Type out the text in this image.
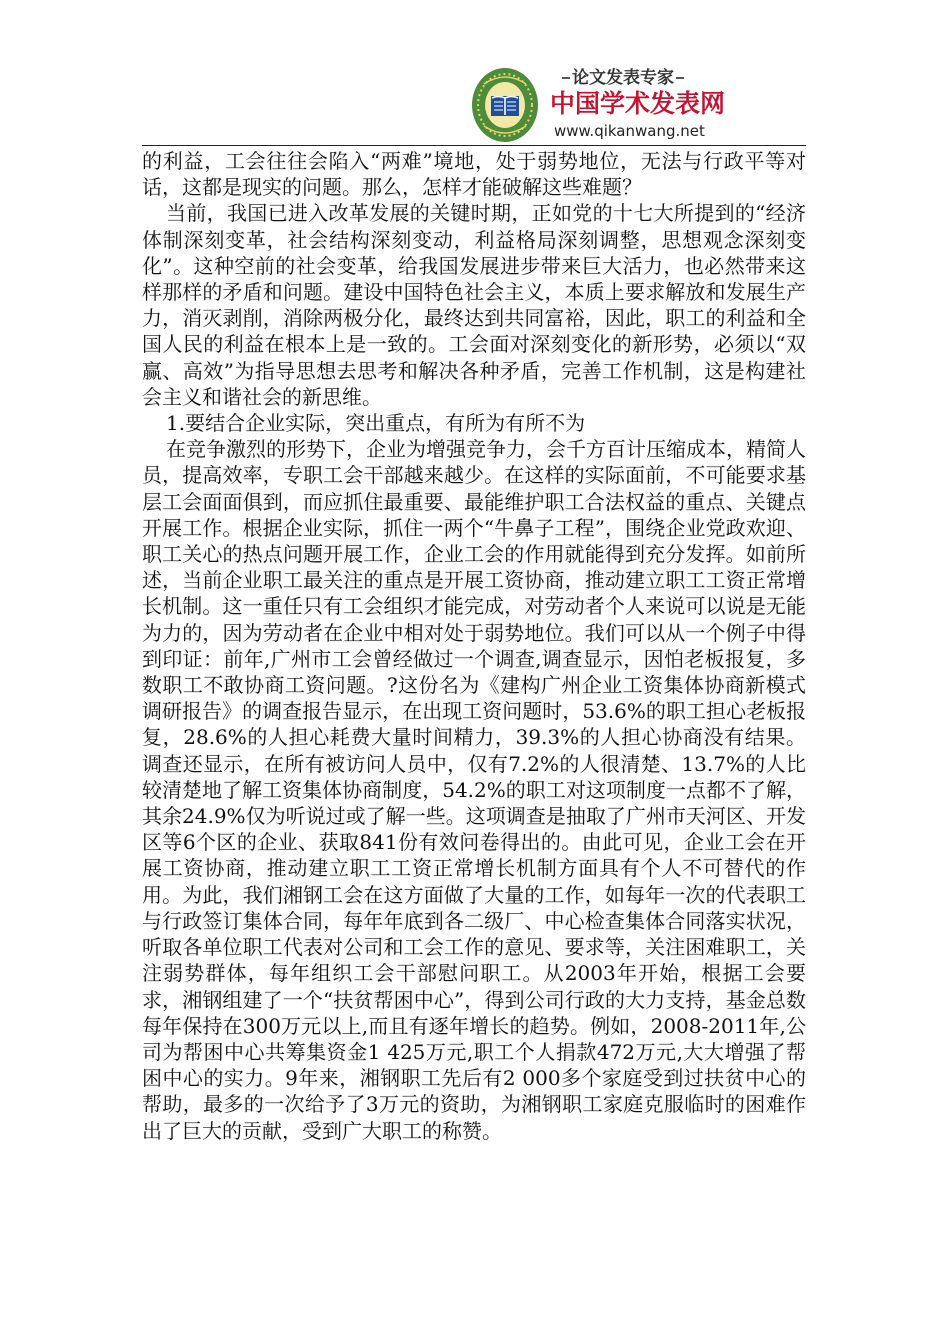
论文发表专家
中国学术发表网
www.qikanwang.net

的利益，工会往往会陷入“两难”境地，处于弱势地位，无法与行政平等对话，这都是现实的问题。那么，怎样才能破解这些难题？

当前，我国已进入改革发展的关键时期，正如党的十七大所提到的“经济体制深刻变革，社会结构深刻变动，利益格局深刻调整，思想观念深刻变化”。这种空前的社会变革，给我国发展进步带来巨大活力，也必然带来这样那样的矛盾和问题。建设中国特色社会主义，本质上要求解放和发展生产力，消灭剥削，消除两极分化，最终达到共同富裕，因此，职工的利益和全国人民的利益在根本上是一致的。工会面对深刻变化的新形势，必须以“双赢、高效”为指导思想去思考和解决各种矛盾，完善工作机制，这是构建社会主义和谐社会的新思维。

1.要结合企业实际，突出重点，有所为有所不为

在竞争激烈的形势下，企业为增强竞争力，会千方百计压缩成本，精简人员，提高效率，专职工会干部越来越少。在这样的实际面前，不可能要求基层工会面面俱到，而应抓住最重要、最能维护职工合法权益的重点、关键点开展工作。根据企业实际，抓住一两个“牛鼻子工程”，围绕企业党政欢迎、职工关心的热点问题开展工作，企业工会的作用就能得到充分发挥。如前所述，当前企业职工最关注的重点是开展工资协商，推动建立职工工资正常增长机制。这一重任只有工会组织才能完成，对劳动者个人来说可以说是无能为力的，因为劳动者在企业中相对处于弱势地位。我们可以从一个例子中得到印证：前年,广州市工会曾经做过一个调查,调查显示，因怕老板报复，多数职工不敢协商工资问题。?这份名为《建构广州企业工资集体协商新模式调研报告》的调查报告显示，在出现工资问题时，53.6%的职工担心老板报复，28.6%的人担心耗费大量时间精力，39.3%的人担心协商没有结果。调查还显示，在所有被访问人员中，仅有7.2%的人很清楚、13.7%的人比较清楚地了解工资集体协商制度，54.2%的职工对这项制度一点都不了解，其余24.9%仅为听说过或了解一些。这项调查是抽取了广州市天河区、开发区等6个区的企业、获取841份有效问卷得出的。由此可见，企业工会在开展工资协商，推动建立职工工资正常增长机制方面具有个人不可替代的作用。为此，我们湘钢工会在这方面做了大量的工作，如每年一次的代表职工与行政签订集体合同，每年年底到各二级厂、中心检查集体合同落实状况，听取各单位职工代表对公司和工会工作的意见、要求等，关注困难职工，关注弱势群体，每年组织工会干部慰问职工。从2003年开始，根据工会要求，湘钢组建了一个“扶贫帮困中心”，得到公司行政的大力支持，基金总数每年保持在300万元以上,而且有逐年增长的趋势。例如，2008-2011年,公司为帮困中心共筹集资金1 425万元,职工个人捐款472万元,大大增强了帮困中心的实力。9年来，湘钢职工先后有2 000多个家庭受到过扶贫中心的帮助，最多的一次给予了3万元的资助，为湘钢职工家庭克服临时的困难作出了巨大的贡献，受到广大职工的称赞。
